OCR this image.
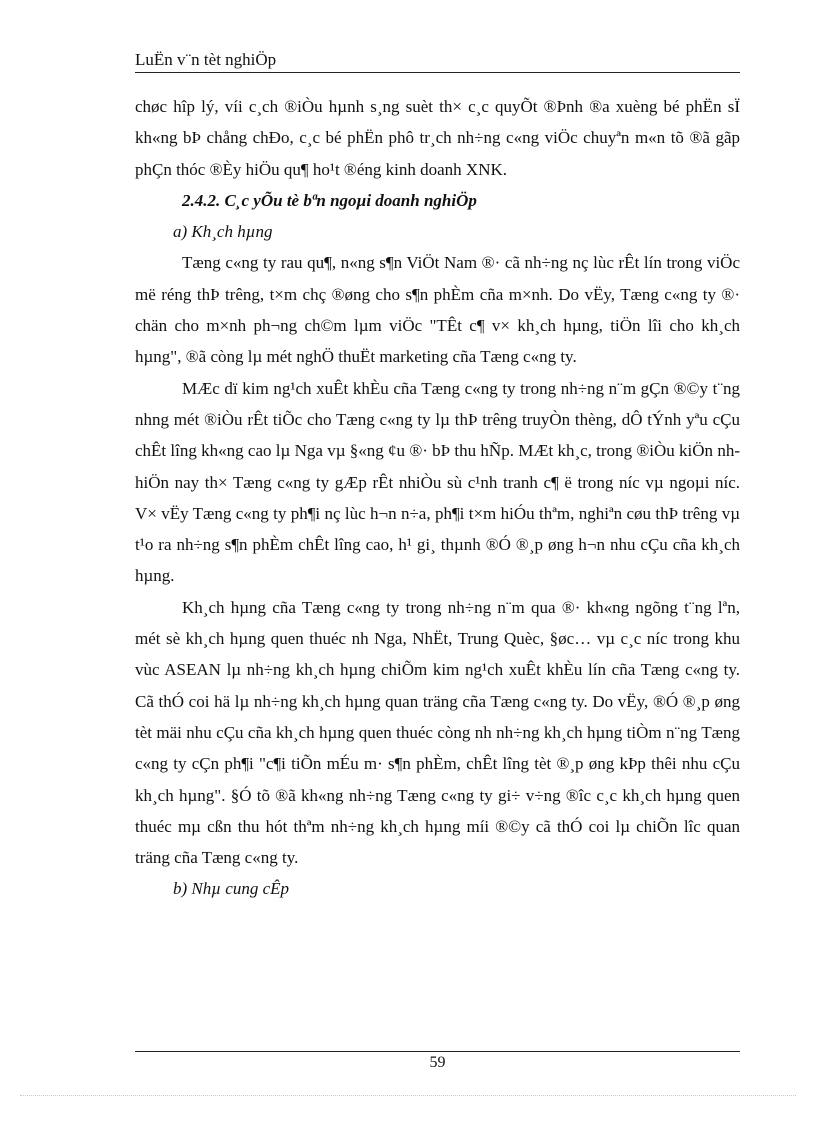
LuËn v¨n tèt nghiÖp

chøc hîp lý, víi c¸ch ®iÒu hµnh s¸ng suèt th× c¸c quyÕt ®Þnh ®a xuèng bé phËn sÏ kh«ng bÞ chång chÐo, c¸c bé phËn phô tr¸ch nh÷ng c«ng viÖc chuyªn m«n tõ ®ã gãp phÇn thóc ®Èy hiÖu qu¶ ho¹t ®éng kinh doanh XNK.

2.4.2. C¸c yÕu tè bªn ngoµi doanh nghiÖp

a) Kh¸ch hµng

Tæng c«ng ty rau qu¶, n«ng s¶n ViÖt Nam ®· cã nh÷ng nç lùc rÊt lín trong viÖc më réng thÞ trêng, t×m chç ®øng cho s¶n phÈm cña m×nh. Do vËy, Tæng c«ng ty ®· chän cho m×nh ph¬ng ch©m lµm viÖc "TÊt c¶ v× kh¸ch hµng, tiÖn lîi cho kh¸ch hµng", ®ã còng lµ mét nghÖ thuËt marketing cña Tæng c«ng ty.

MÆc dï kim ng¹ch xuÊt khÈu cña Tæng c«ng ty trong nh÷ng n¨m gÇn ®©y t¨ng nhng mét ®iÒu rÊt tiÕc cho Tæng c«ng ty lµ thÞ trêng truyÒn thèng, dÔ tÝnh yªu cÇu chÊt lîng kh«ng cao lµ Nga vµ §«ng ¢u ®· bÞ thu hÑp. MÆt kh¸c, trong ®iÒu kiÖn nh hiÖn nay th× Tæng c«ng ty gÆp rÊt nhiÒu sù c¹nh tranh c¶ ë trong níc vµ ngoµi níc. V× vËy Tæng c«ng ty ph¶i nç lùc h¬n n÷a, ph¶i t×m hiÓu thªm, nghiªn cøu thÞ trêng vµ t¹o ra nh÷ng s¶n phÈm chÊt lîng cao, h¹ gi¸ thµnh ®Ó ®¸p øng h¬n nhu cÇu cña kh¸ch hµng.

Kh¸ch hµng cña Tæng c«ng ty trong nh÷ng n¨m qua ®· kh«ng ngõng t¨ng lªn, mét sè kh¸ch hµng quen thuéc nh Nga, NhËt, Trung Quèc, §øc… vµ c¸c níc trong khu vùc ASEAN lµ nh÷ng kh¸ch hµng chiÕm kim ng¹ch xuÊt khÈu lín cña Tæng c«ng ty. Cã thÓ coi hä lµ nh÷ng kh¸ch hµng quan träng cña Tæng c«ng ty. Do vËy, ®Ó ®¸p øng tèt mäi nhu cÇu cña kh¸ch hµng quen thuéc còng nh nh÷ng kh¸ch hµng tiÒm n¨ng Tæng c«ng ty cÇn ph¶i "c¶i tiÕn mÉu m· s¶n phÈm, chÊt lîng tèt ®¸p øng kÞp thêi nhu cÇu kh¸ch hµng". §Ó tõ ®ã kh«ng nh÷ng Tæng c«ng ty gi÷ v÷ng ®îc c¸c kh¸ch hµng quen thuéc mµ cßn thu hót thªm nh÷ng kh¸ch hµng míi ®©y cã thÓ coi lµ chiÕn lîc quan träng cña Tæng c«ng ty.

b) Nhµ cung cÊp

59
